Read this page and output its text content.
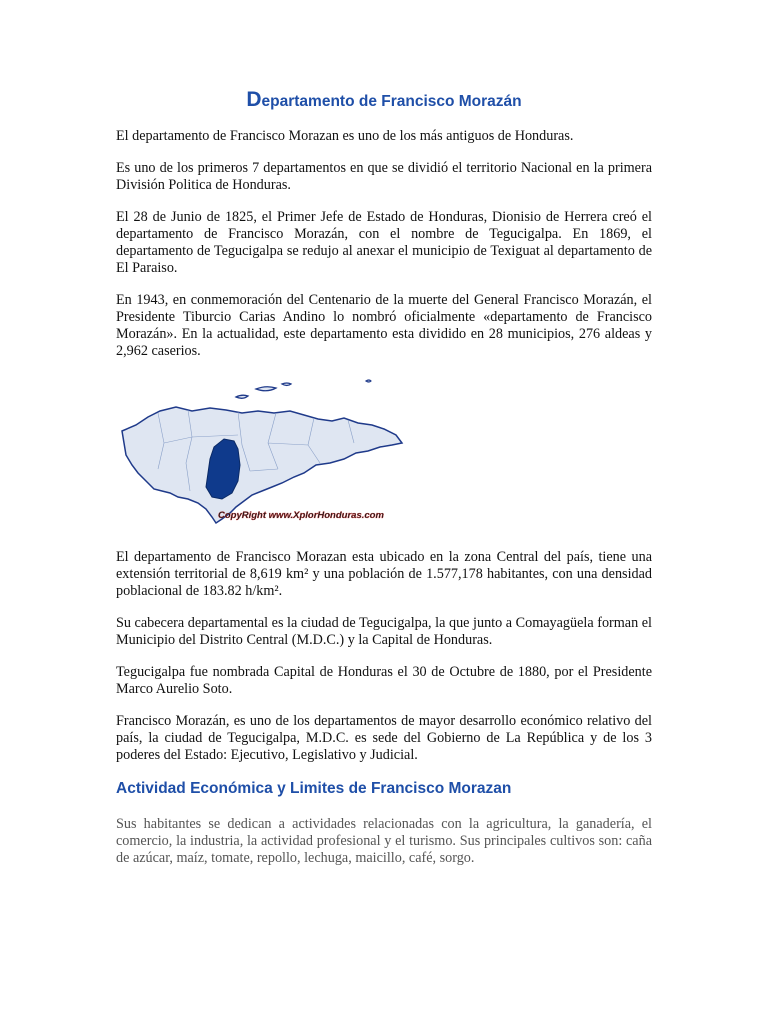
Departamento de Francisco Morazán

El departamento de Francisco Morazan es uno de los más antiguos de Honduras.

Es uno de los primeros 7 departamentos en que se dividió el territorio Nacional en la primera División Politica de Honduras.

El 28 de Junio de 1825, el Primer Jefe de Estado de Honduras, Dionisio de Herrera creó el departamento de Francisco Morazán, con el nombre de Tegucigalpa. En 1869, el departamento de Tegucigalpa se redujo al anexar el municipio de Texiguat al departamento de El Paraiso.

En 1943, en conmemoración del Centenario de la muerte del General Francisco Morazán, el Presidente Tiburcio Carias Andino lo nombró oficialmente «departamento de Francisco Morazán». En la actualidad, este departamento esta dividido en 28 municipios, 276 aldeas y 2,962 caserios.

CopyRight www.XplorHonduras.com

El departamento de Francisco Morazan esta ubicado en la zona Central del país, tiene una extensión territorial de 8,619 km² y una población de 1.577,178 habitantes, con una densidad poblacional de 183.82 h/km².

Su cabecera departamental es la ciudad de Tegucigalpa, la que junto a Comayagüela forman el Municipio del Distrito Central (M.D.C.) y la Capital de Honduras.

Tegucigalpa fue nombrada Capital de Honduras el 30 de Octubre de 1880, por el Presidente Marco Aurelio Soto.

Francisco Morazán, es uno de los departamentos de mayor desarrollo económico relativo del país, la ciudad de Tegucigalpa, M.D.C. es sede del Gobierno de La República y de los 3 poderes del Estado: Ejecutivo, Legislativo y Judicial.

Actividad Económica y Limites de Francisco Morazan

Sus habitantes se dedican a actividades relacionadas con la agricultura, la ganadería, el comercio, la industria, la actividad profesional y el turismo. Sus principales cultivos son: caña de azúcar, maíz, tomate, repollo, lechuga, maicillo, café, sorgo.
